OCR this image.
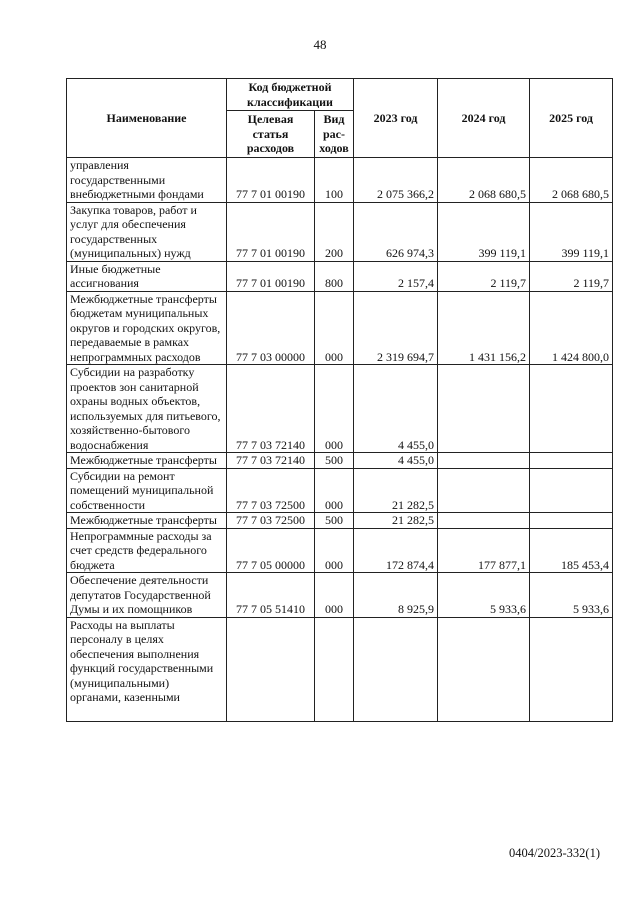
48
Наименование	Код бюджетной классификации		2023 год	2024 год	2025 год
	Целевая статья расходов	Вид рас-ходов			
управления государственными внебюджетными фондами	77 7 01 00190	100	2 075 366,2	2 068 680,5	2 068 680,5
Закупка товаров, работ и услуг для обеспечения государственных (муниципальных) нужд	77 7 01 00190	200	626 974,3	399 119,1	399 119,1
Иные бюджетные ассигнования	77 7 01 00190	800	2 157,4	2 119,7	2 119,7
Межбюджетные трансферты бюджетам муниципальных округов и городских округов, передаваемые в рамках непрограммных расходов	77 7 03 00000	000	2 319 694,7	1 431 156,2	1 424 800,0
Субсидии на разработку проектов зон санитарной охраны водных объектов, используемых для питьевого, хозяйственно-бытового водоснабжения	77 7 03 72140	000	4 455,0		
Межбюджетные трансферты	77 7 03 72140	500	4 455,0		
Субсидии на ремонт помещений муниципальной собственности	77 7 03 72500	000	21 282,5		
Межбюджетные трансферты	77 7 03 72500	500	21 282,5		
Непрограммные расходы за счет средств федерального бюджета	77 7 05 00000	000	172 874,4	177 877,1	185 453,4
Обеспечение деятельности депутатов Государственной Думы и их помощников	77 7 05 51410	000	8 925,9	5 933,6	5 933,6
Расходы на выплаты персоналу в целях обеспечения выполнения функций государственными (муниципальными) органами, казенными					
0404/2023-332(1)
